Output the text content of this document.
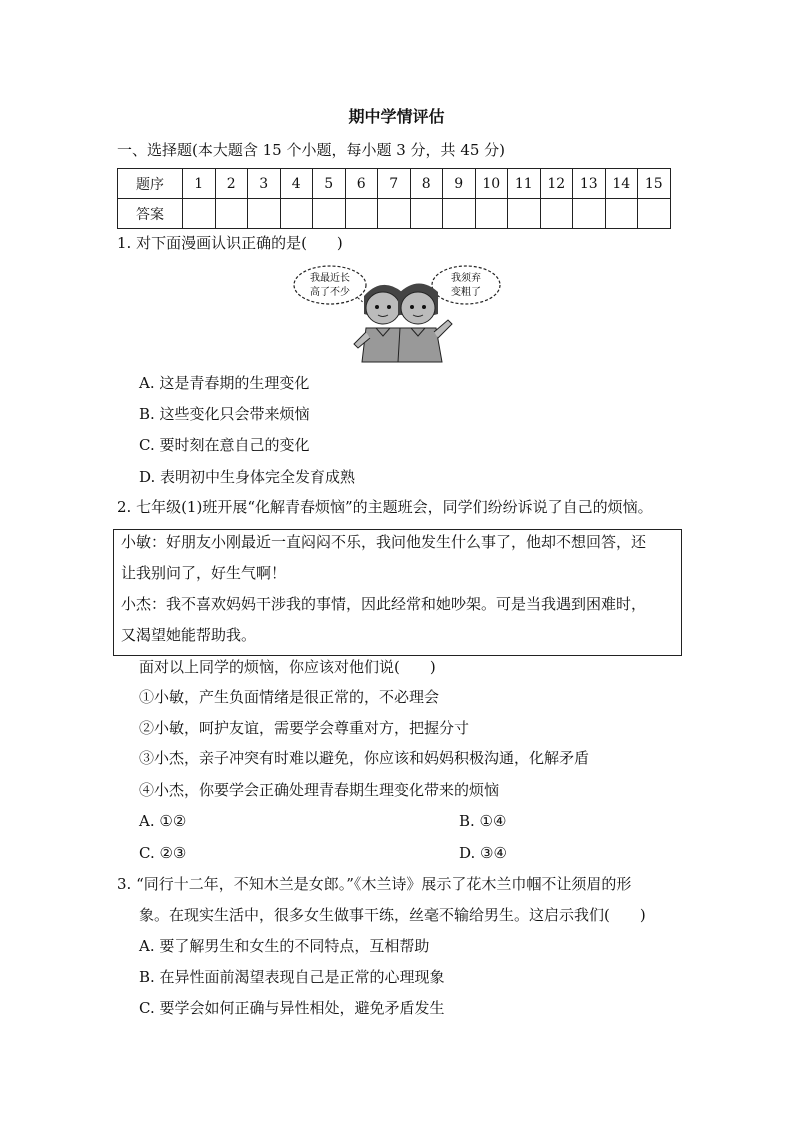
期中学情评估
一、选择题(本大题含 15 个小题，每小题 3 分，共 45 分)
题序	1	2	3	4	5	6	7	8	9	10	11	12	13	14	15
答案															
1. 对下面漫画认识正确的是(　　)
我最近长
高了不少
我须弃
变粗了
A. 这是青春期的生理变化
B. 这些变化只会带来烦恼
C. 要时刻在意自己的变化
D. 表明初中生身体完全发育成熟
2. 七年级(1)班开展“化解青春烦恼”的主题班会，同学们纷纷诉说了自己的烦恼。
小敏：好朋友小刚最近一直闷闷不乐，我问他发生什么事了，他却不想回答，还
让我别问了，好生气啊！
小杰：我不喜欢妈妈干涉我的事情，因此经常和她吵架。可是当我遇到困难时，
又渴望她能帮助我。
面对以上同学的烦恼，你应该对他们说(　　)
①小敏，产生负面情绪是很正常的，不必理会
②小敏，呵护友谊，需要学会尊重对方，把握分寸
③小杰，亲子冲突有时难以避免，你应该和妈妈积极沟通，化解矛盾
④小杰，你要学会正确处理青春期生理变化带来的烦恼
A. ①②	B. ①④
C. ②③	D. ③④
3. “同行十二年，不知木兰是女郎。”《木兰诗》展示了花木兰巾帼不让须眉的形
象。在现实生活中，很多女生做事干练，丝毫不输给男生。这启示我们(　　)
A. 要了解男生和女生的不同特点，互相帮助
B. 在异性面前渴望表现自己是正常的心理现象
C. 要学会如何正确与异性相处，避免矛盾发生
